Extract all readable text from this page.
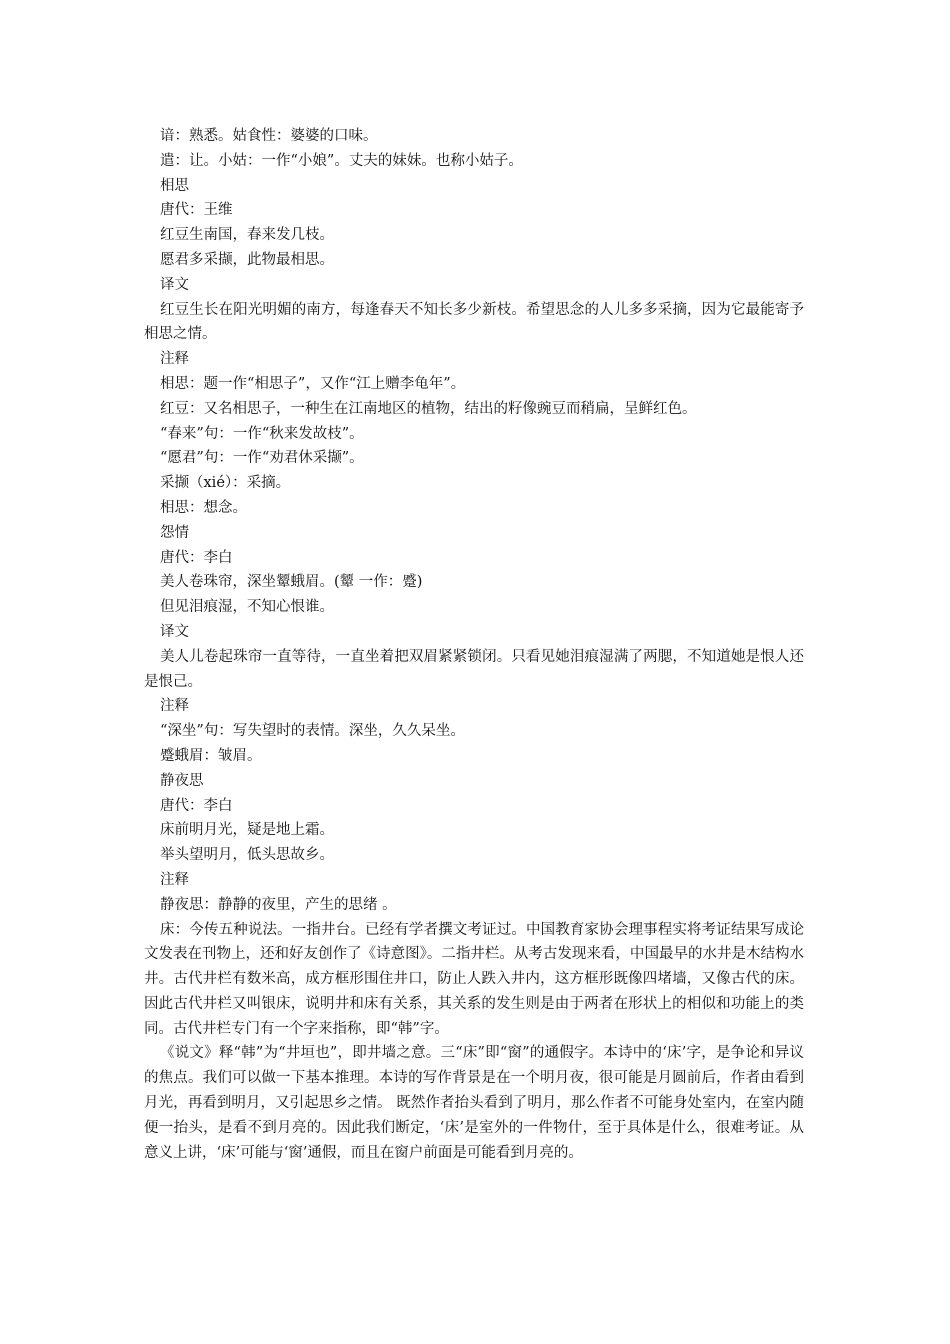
谙：熟悉。姑食性：婆婆的口味。
遣：让。小姑：一作“小娘”。丈夫的妹妹。也称小姑子。
相思
唐代：王维
红豆生南国，春来发几枝。
愿君多采撷，此物最相思。
译文
红豆生长在阳光明媚的南方，每逢春天不知长多少新枝。希望思念的人儿多多采摘，因为它最能寄予相思之情。
注释
相思：题一作“相思子”，又作“江上赠李龟年”。
红豆：又名相思子，一种生在江南地区的植物，结出的籽像豌豆而稍扁，呈鲜红色。
“春来”句：一作“秋来发故枝”。
“愿君”句：一作“劝君休采撷”。
采撷（xié）：采摘。
相思：想念。
怨情
唐代：李白
美人卷珠帘，深坐颦蛾眉。(颦 一作：蹙)
但见泪痕湿，不知心恨谁。
译文
美人儿卷起珠帘一直等待，一直坐着把双眉紧紧锁闭。只看见她泪痕湿满了两腮，不知道她是恨人还是恨己。
注释
“深坐”句：写失望时的表情。深坐，久久呆坐。
蹙蛾眉：皱眉。
静夜思
唐代：李白
床前明月光，疑是地上霜。
举头望明月，低头思故乡。
注释
静夜思：静静的夜里，产生的思绪 。
床：今传五种说法。一指井台。已经有学者撰文考证过。中国教育家协会理事程实将考证结果写成论文发表在刊物上，还和好友创作了《诗意图》。二指井栏。从考古发现来看，中国最早的水井是木结构水井。古代井栏有数米高，成方框形围住井口，防止人跌入井内，这方框形既像四堵墙，又像古代的床。因此古代井栏又叫银床，说明井和床有关系，其关系的发生则是由于两者在形状上的相似和功能上的类同。古代井栏专门有一个字来指称，即“韩”字。
《说文》释“韩”为“井垣也”，即井墙之意。三“床”即“窗”的通假字。本诗中的‘床’字，是争论和异议的焦点。我们可以做一下基本推理。本诗的写作背景是在一个明月夜，很可能是月圆前后，作者由看到月光，再看到明月，又引起思乡之情。 既然作者抬头看到了明月，那么作者不可能身处室内，在室内随便一抬头，是看不到月亮的。因此我们断定，‘床’是室外的一件物什，至于具体是什么，很难考证。从意义上讲，‘床’可能与‘窗’通假，而且在窗户前面是可能看到月亮的。
